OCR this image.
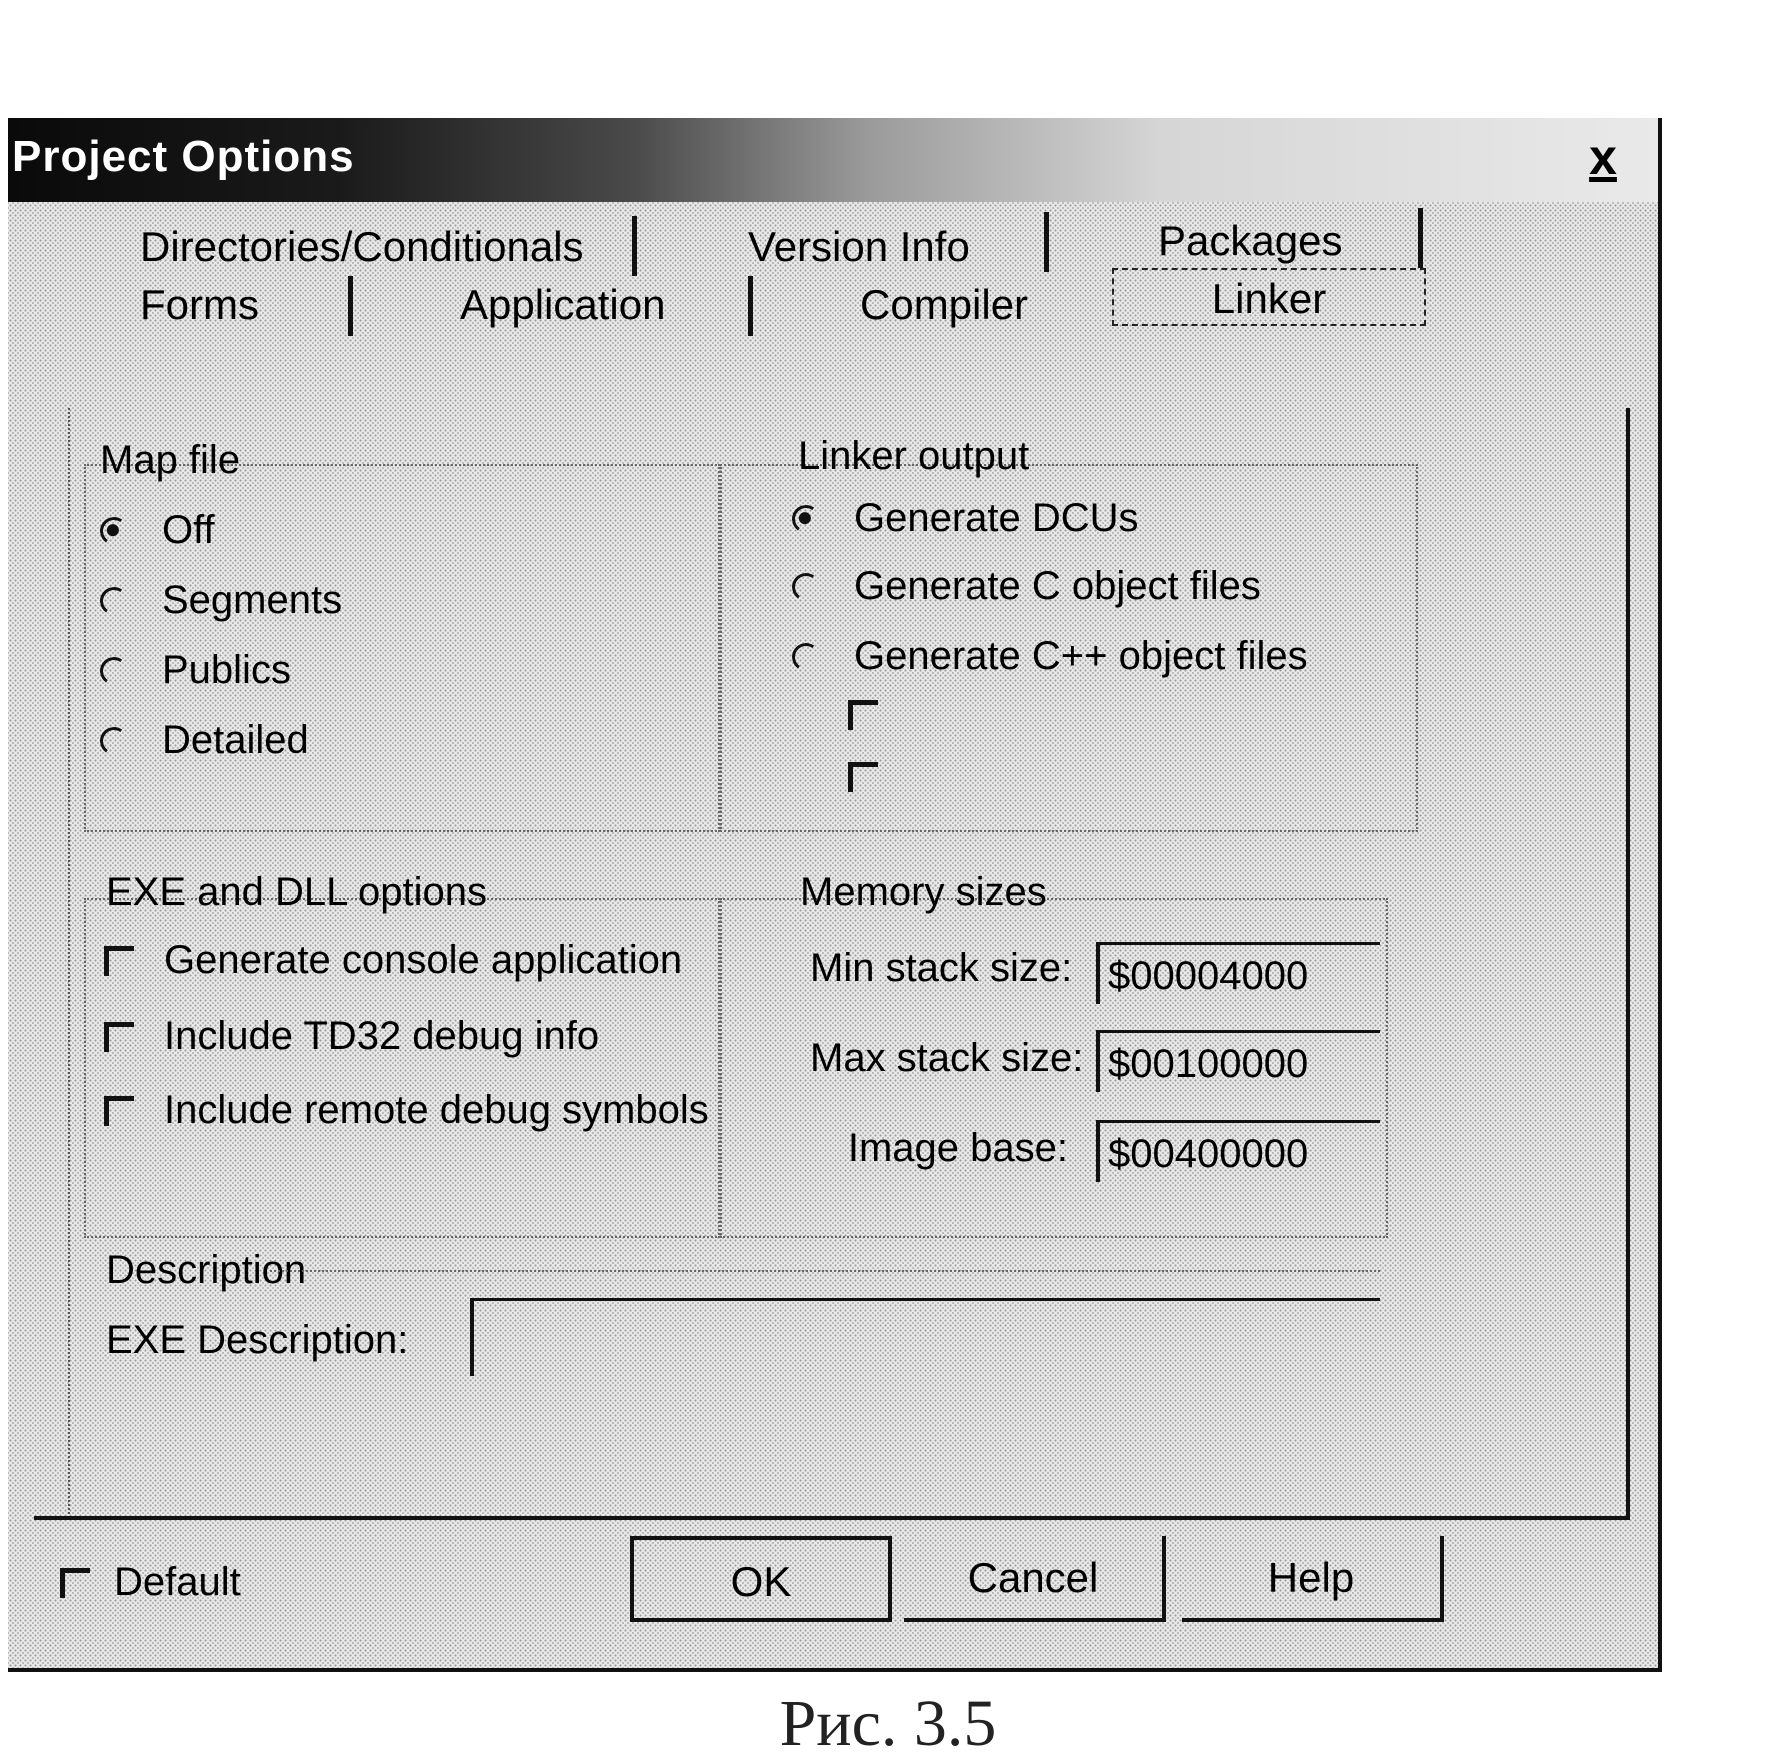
Project Options	x
Directories/Conditionals	Version Info	Packages
Forms	Application	Compiler	Linker
Map file
Off
Segments
Publics
Detailed
Linker output
Generate DCUs
Generate C object files
Generate C++ object files
EXE and DLL options
Generate console application
Include TD32 debug info
Include remote debug symbols
Memory sizes
Min stack size: $00004000
Max stack size: $00100000
Image base:	$00400000
Description
EXE Description:
Default	OK	Cancel	Help
Рис. 3.5
